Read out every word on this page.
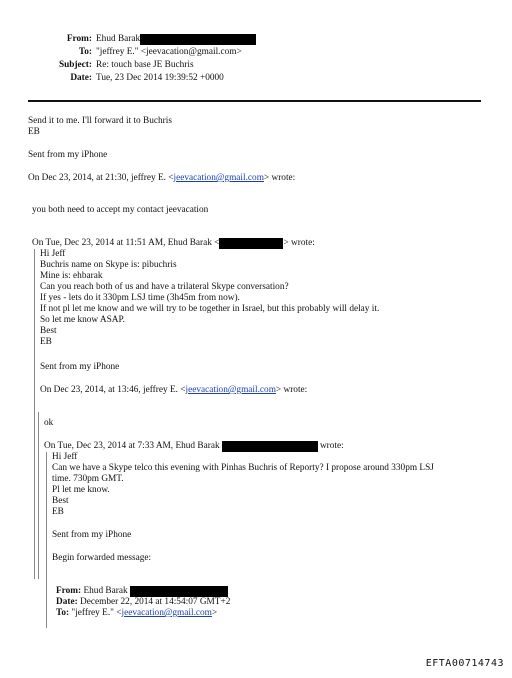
From: Ehud Barak
To: "jeffrey E." <jeevacation@gmail.com>
Subject: Re: touch base JE Buchris
Date: Tue, 23 Dec 2014 19:39:52 +0000
Send it to me. I'll forward it to Buchris
EB
Sent from my iPhone
On Dec 23, 2014, at 21:30, jeffrey E. <jeevacation@gmail.com> wrote:
you both need to accept my contact jeevacation
On Tue, Dec 23, 2014 at 11:51 AM, Ehud Barak <	> wrote:
Hi Jeff
Buchris name on Skype is: pibuchris
Mine is: ehbarak
Can you reach both of us and have a trilateral Skype conversation?
If yes - lets do it 330pm LSJ time (3h45m from now).
If not pl let me know and we will try to be together in Israel, but this probably will delay it.
So let me know ASAP.
Best
EB
Sent from my iPhone
On Dec 23, 2014, at 13:46, jeffrey E. <jeevacation@gmail.com> wrote:
ok
On Tue, Dec 23, 2014 at 7:33 AM, Ehud Barak	wrote:
Hi Jeff
Can we have a Skype telco this evening with Pinhas Buchris of Reporty? I propose around 330pm LSJ
time. 730pm GMT.
Pl let me know.
Best
EB
Sent from my iPhone
Begin forwarded message:
From: Ehud Barak
Date: December 22, 2014 at 14:54:07 GMT+2
To: "jeffrey E." <jeevacation@gmail.com>
EFTA00714743
